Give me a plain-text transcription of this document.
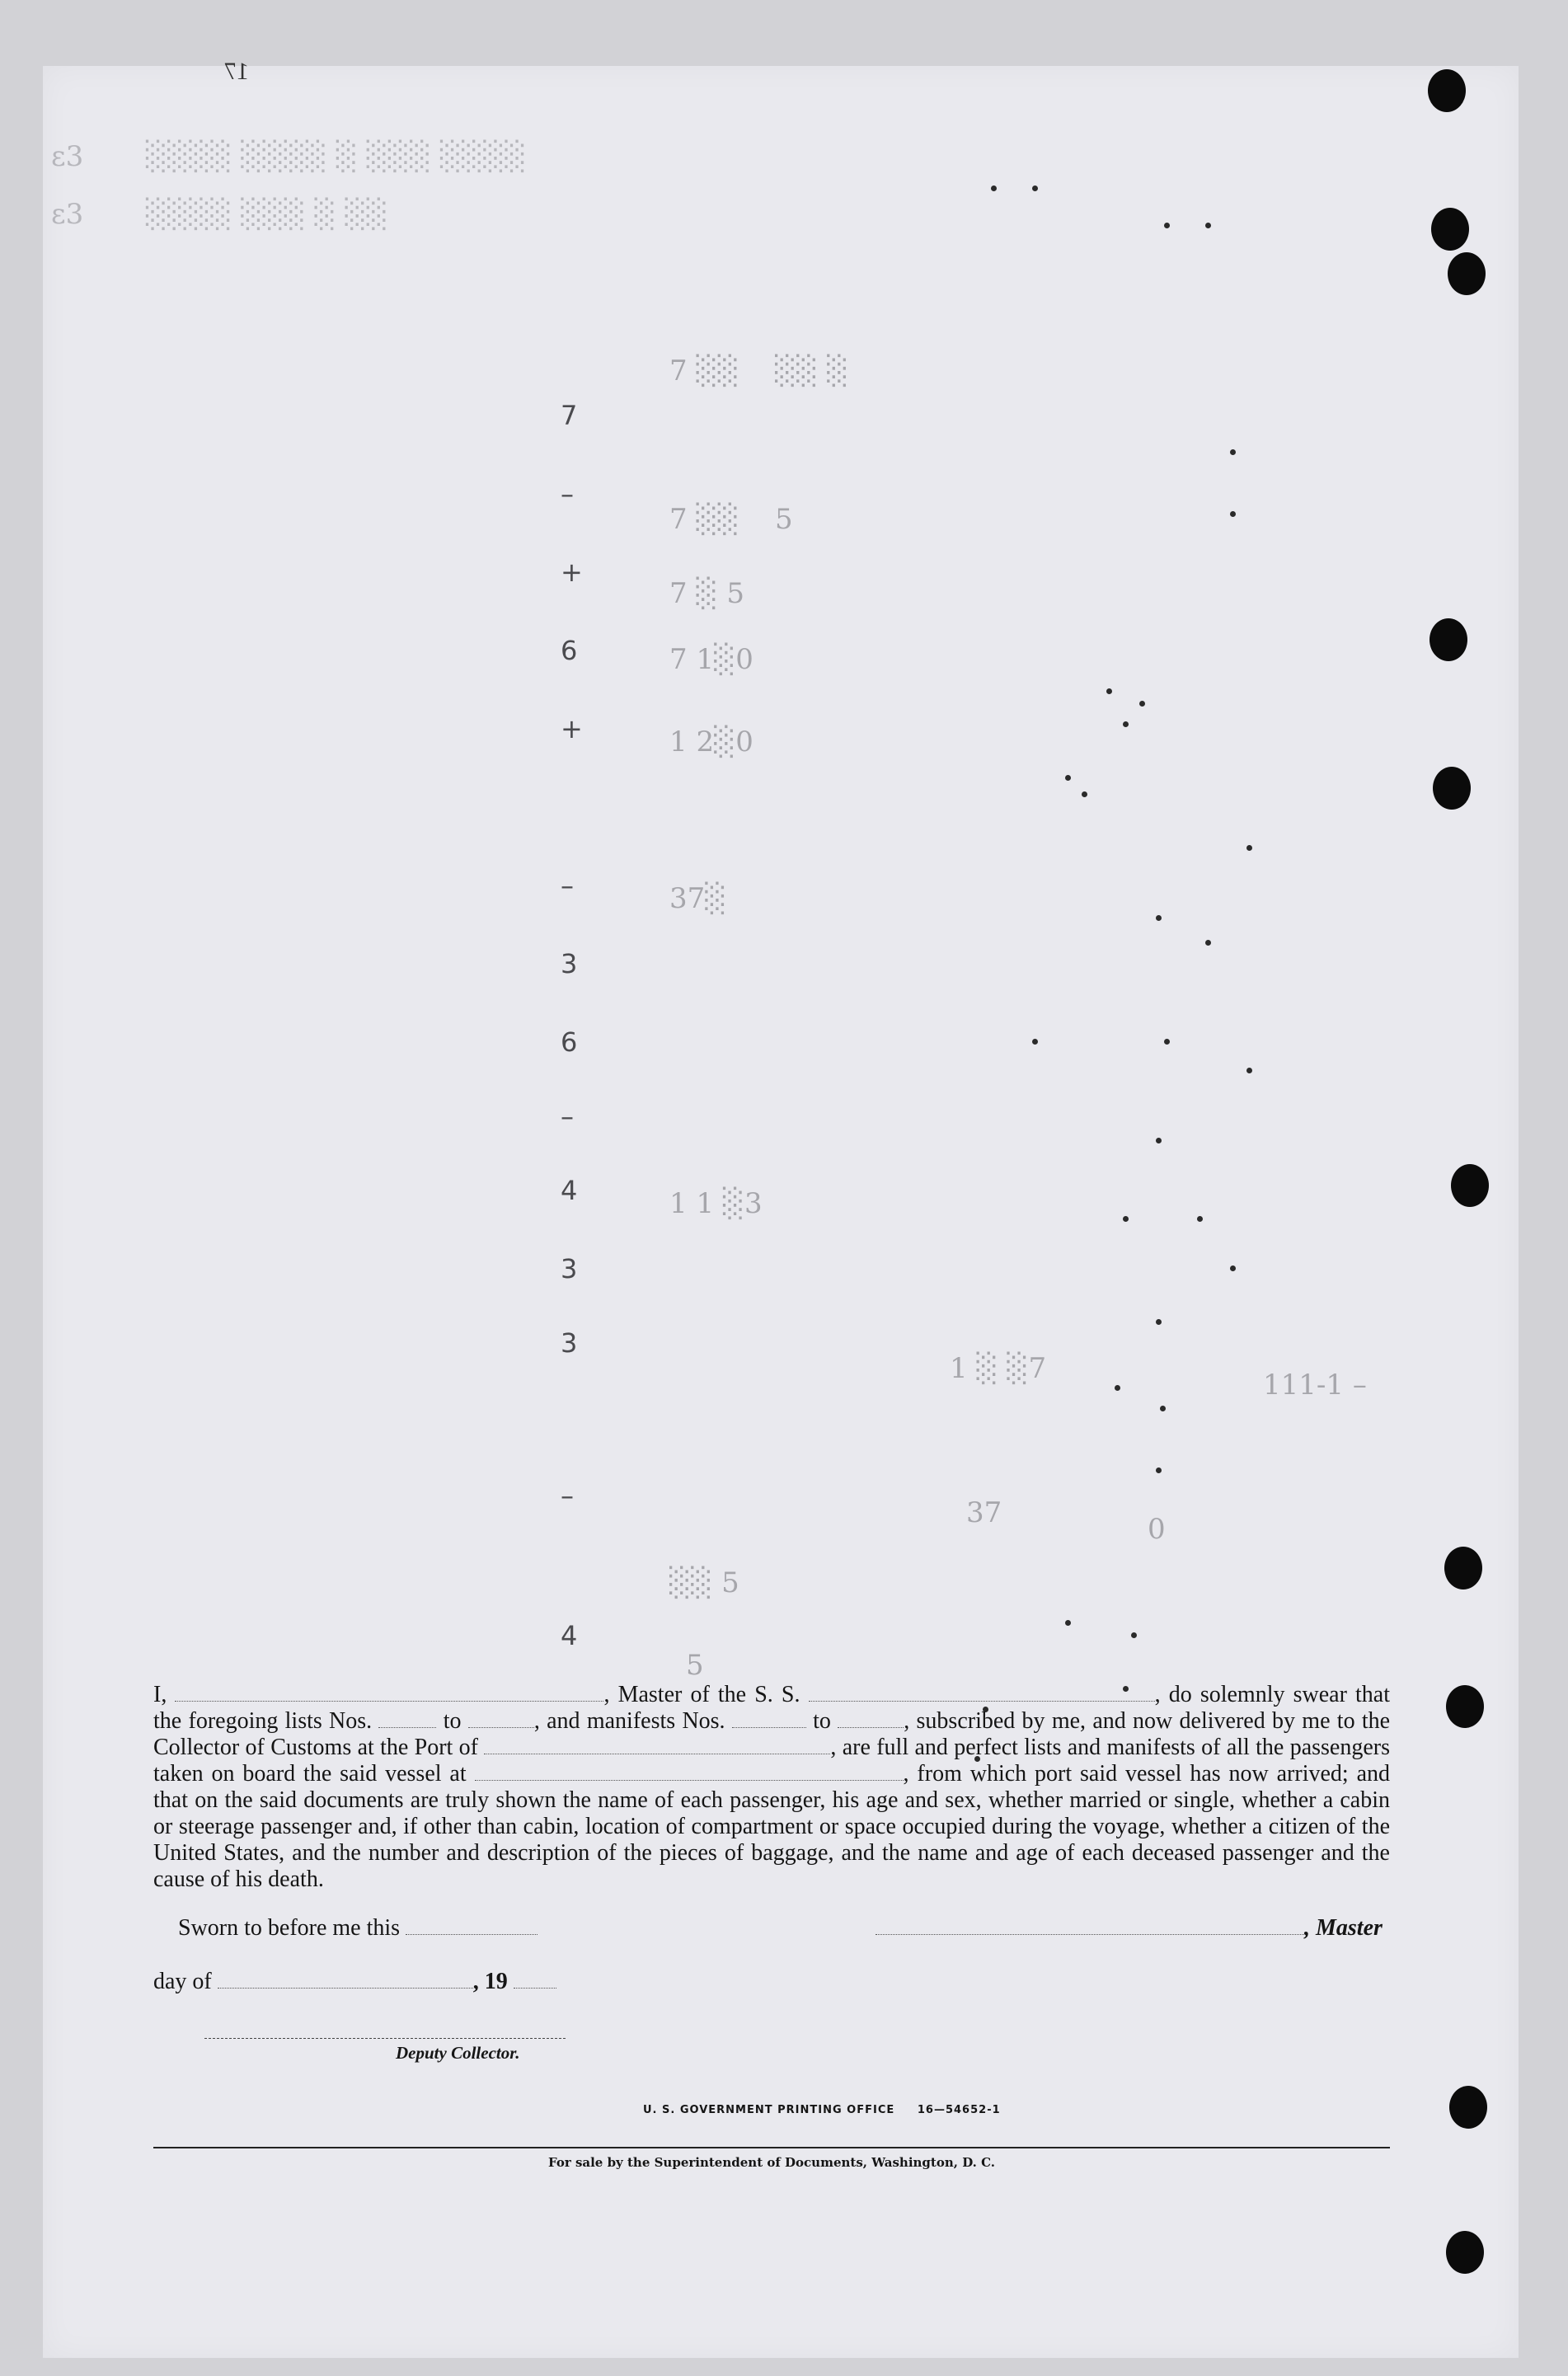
17
ε3       ░░░░ ░░░░ ░ ░░░ ░░░░
ε3       ░░░░ ░░░ ░ ░░
7 ░░    ░░ ░
7 ░░    5
7 ░ 5
7 1░0
1 2░0
37░
1 1 ░3
1 ░ ░7	111-1 –
37	0
░░ 5
5
7
–
+
6
+
–
3
6
–
4
3
3
–
4
I,	, Master of the S. S.	, do solemnly swear that the foregoing lists Nos.	to	, and manifests Nos.	to	, subscribed by me, and now delivered by me to the Collector of Customs at the Port of	, are full and perfect lists and manifests of all the passengers taken on board the said vessel at	, from which port said vessel has now arrived; and that on the said documents are truly shown the name of each passenger, his age and sex, whether married or single, whether a cabin or steerage passenger and, if other than cabin, location of compartment or space occupied during the voyage, whether a citizen of the United States, and the number and description of the pieces of baggage, and the name and age of each deceased passenger and the cause of his death.
Sworn to before me this	, Master
day of	, 19
Deputy Collector.
U. S. GOVERNMENT PRINTING OFFICE     16—54652-1
For sale by the Superintendent of Documents, Washington, D. C.
